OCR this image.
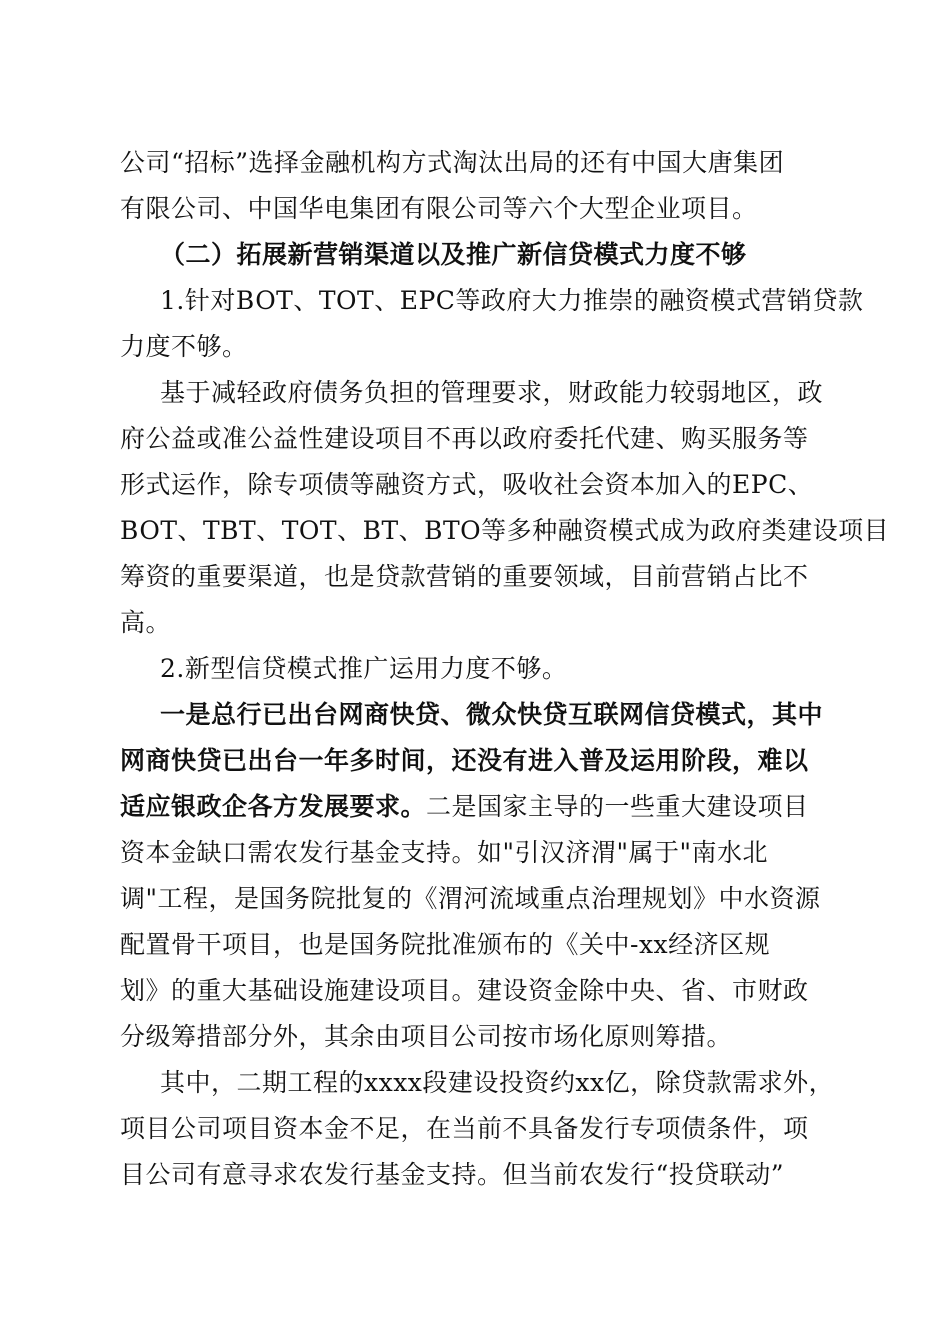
公司“招标”选择金融机构方式淘汰出局的还有中国大唐集团
有限公司、中国华电集团有限公司等六个大型企业项目。
（二）拓展新营销渠道以及推广新信贷模式力度不够
1.针对BOT、TOT、EPC等政府大力推崇的融资模式营销贷款
力度不够。
基于减轻政府债务负担的管理要求，财政能力较弱地区，政
府公益或准公益性建设项目不再以政府委托代建、购买服务等
形式运作，除专项债等融资方式，吸收社会资本加入的EPC、
BOT、TBT、TOT、BT、BTO等多种融资模式成为政府类建设项目
筹资的重要渠道，也是贷款营销的重要领域，目前营销占比不
高。
2.新型信贷模式推广运用力度不够。
一是总行已出台网商快贷、微众快贷互联网信贷模式，其中
网商快贷已出台一年多时间，还没有进入普及运用阶段，难以
适应银政企各方发展要求。二是国家主导的一些重大建设项目
资本金缺口需农发行基金支持。如"引汉济渭"属于"南水北
调"工程，是国务院批复的《渭河流域重点治理规划》中水资源
配置骨干项目，也是国务院批准颁布的《关中-xx经济区规
划》的重大基础设施建设项目。建设资金除中央、省、市财政
分级筹措部分外，其余由项目公司按市场化原则筹措。
其中，二期工程的xxxx段建设投资约xx亿，除贷款需求外，
项目公司项目资本金不足，在当前不具备发行专项债条件，项
目公司有意寻求农发行基金支持。但当前农发行“投贷联动”
